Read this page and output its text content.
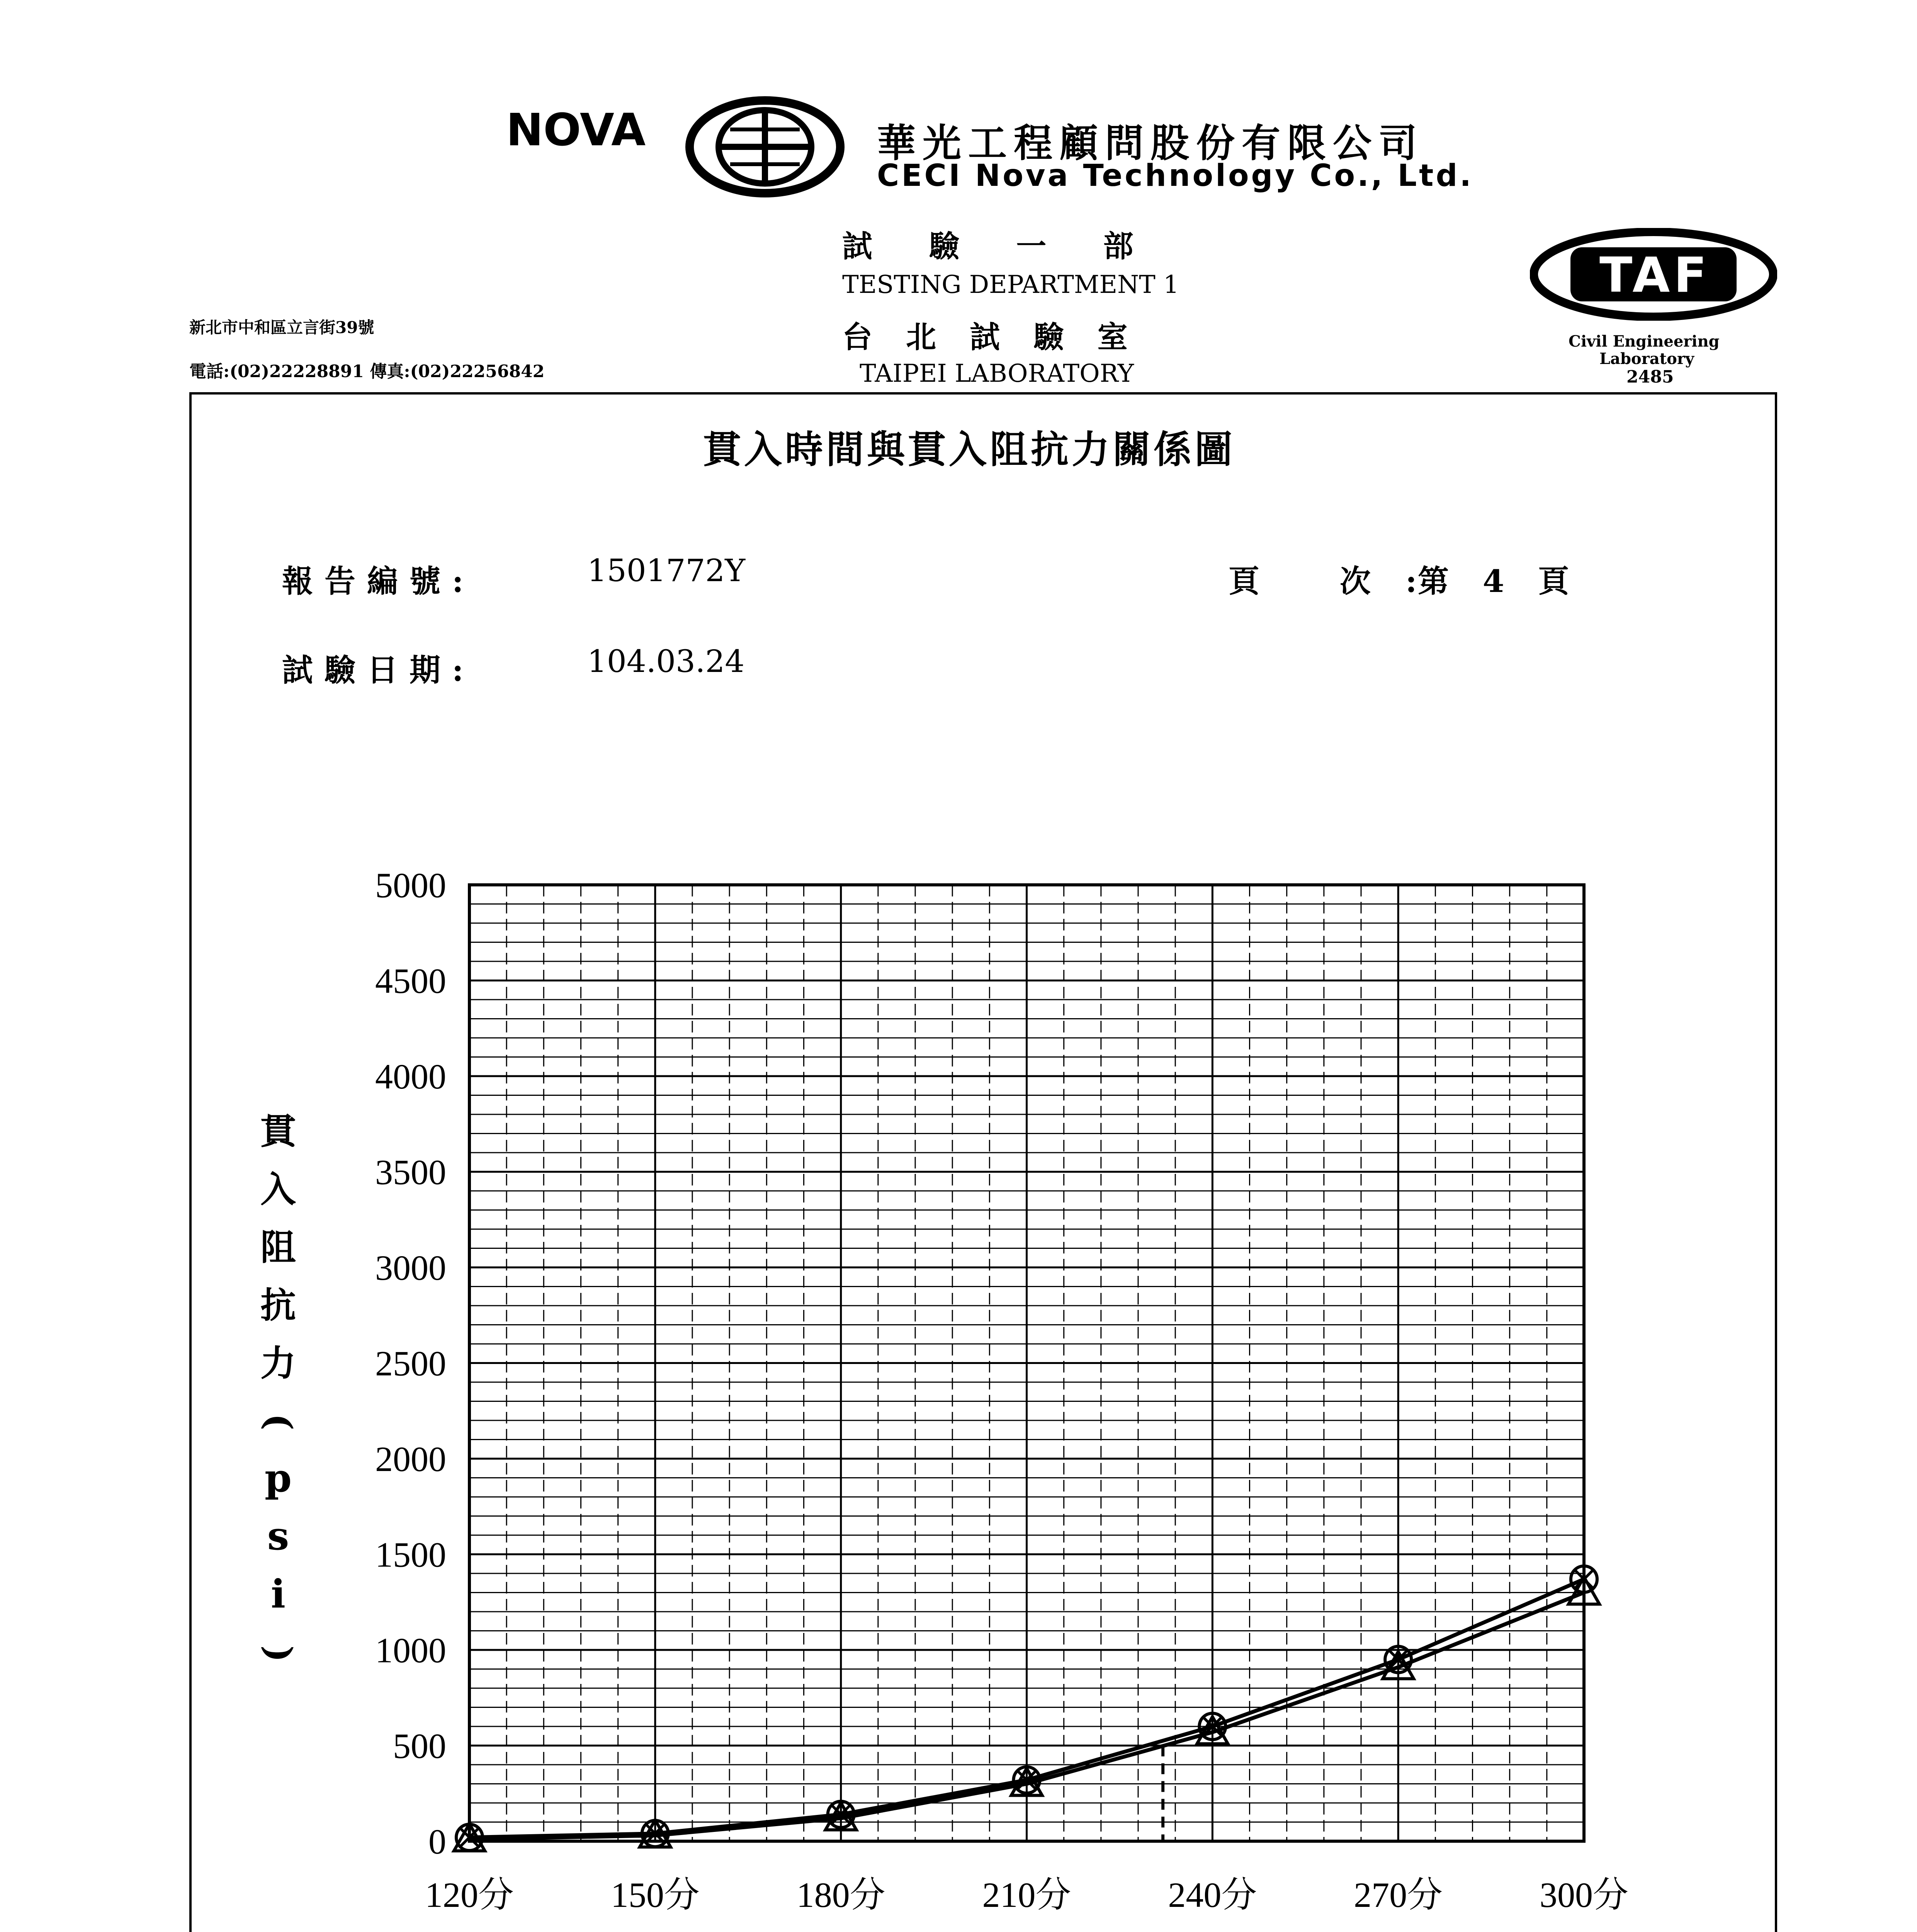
NOVA	華光工程顧問股份有限公司
CECI Nova Technology Co., Ltd.
試 驗 一 部
TESTING DEPARTMENT 1
台 北 試 驗 室
TAIPEI LABORATORY
新北市中和區立言街39號
電話:(02)22228891 傳真:(02)22256842
TAF
Civil Engineering
Laboratory
2485
貫入時間與貫入阻抗力關係圖
報告編號:	1501772Y	頁 次:
第 4 頁
試驗日期:	104.03.24
0
500
1000
1500
2000
2500
3000
3500
4000
4500
5000
120分	150分	180分	210分	240分	270分	300分
貫
入
阻
抗
力
(
p
s
i
)
